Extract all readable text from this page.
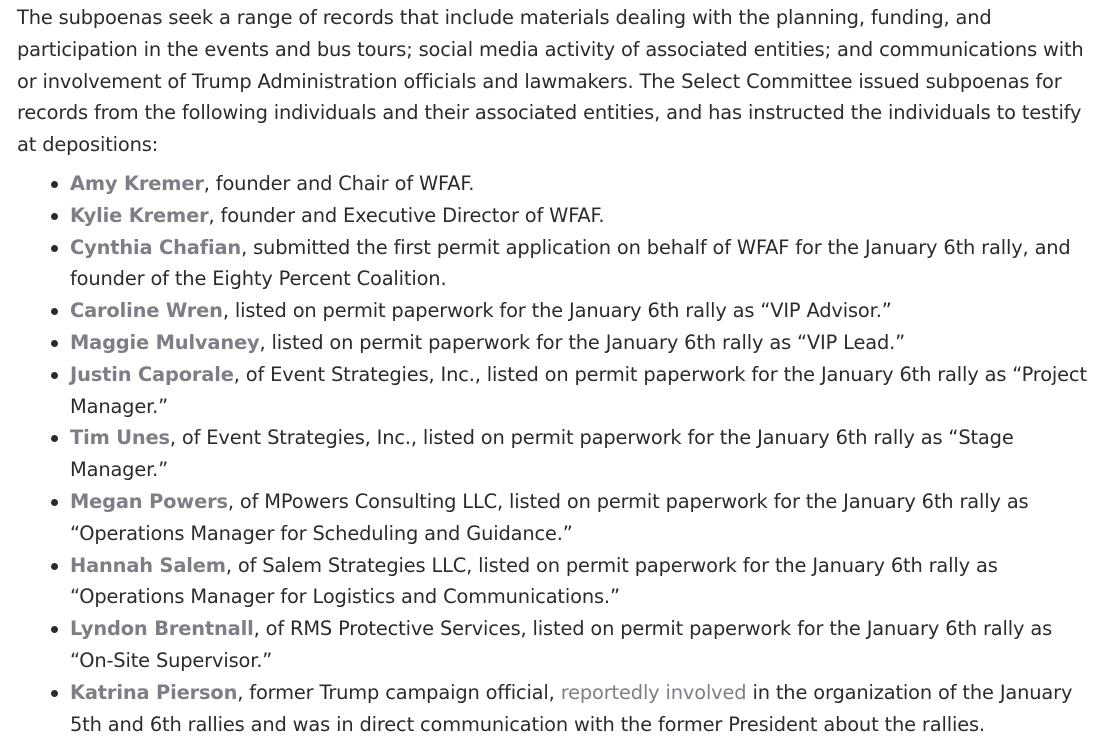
The subpoenas seek a range of records that include materials dealing with the planning, funding, and participation in the events and bus tours; social media activity of associated entities; and communications with or involvement of Trump Administration officials and lawmakers. The Select Committee issued subpoenas for records from the following individuals and their associated entities, and has instructed the individuals to testify at depositions:

Amy Kremer, founder and Chair of WFAF.
Kylie Kremer, founder and Executive Director of WFAF.
Cynthia Chafian, submitted the first permit application on behalf of WFAF for the January 6th rally, and founder of the Eighty Percent Coalition.
Caroline Wren, listed on permit paperwork for the January 6th rally as “VIP Advisor.”
Maggie Mulvaney, listed on permit paperwork for the January 6th rally as “VIP Lead.”
Justin Caporale, of Event Strategies, Inc., listed on permit paperwork for the January 6th rally as “Project Manager.”
Tim Unes, of Event Strategies, Inc., listed on permit paperwork for the January 6th rally as “Stage Manager.”
Megan Powers, of MPowers Consulting LLC, listed on permit paperwork for the January 6th rally as “Operations Manager for Scheduling and Guidance.”
Hannah Salem, of Salem Strategies LLC, listed on permit paperwork for the January 6th rally as “Operations Manager for Logistics and Communications.”
Lyndon Brentnall, of RMS Protective Services, listed on permit paperwork for the January 6th rally as “On-Site Supervisor.”
Katrina Pierson, former Trump campaign official, reportedly involved in the organization of the January 5th and 6th rallies and was in direct communication with the former President about the rallies.
